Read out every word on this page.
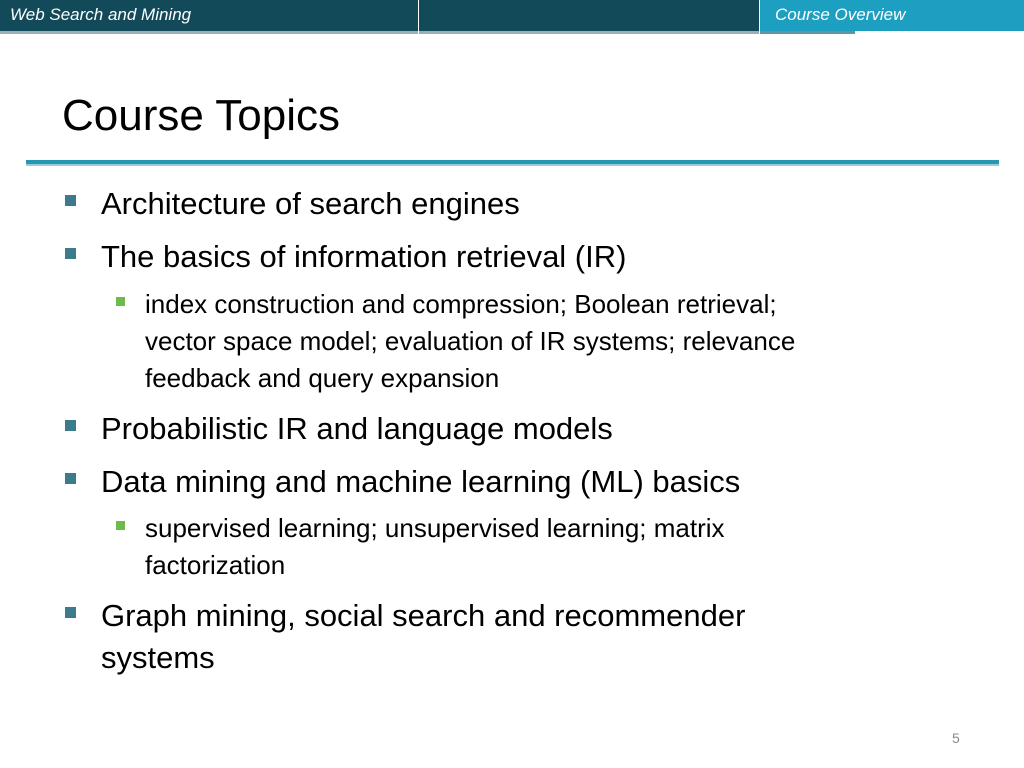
Web Search and Mining	Course Overview
Course Topics
Architecture of search engines
The basics of information retrieval (IR)
index construction and compression; Boolean retrieval;
vector space model; evaluation of IR systems; relevance
feedback and query expansion
Probabilistic IR and language models
Data mining and machine learning (ML) basics
supervised learning; unsupervised learning; matrix
factorization
Graph mining, social search and recommender
systems
5
